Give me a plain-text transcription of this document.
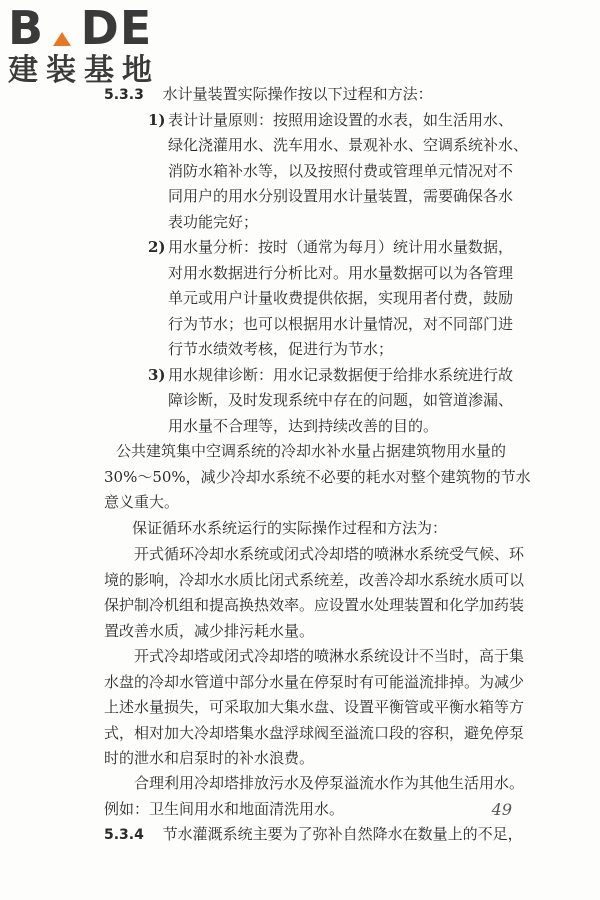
B DE
建装基地
5.3.3 水计量装置实际操作按以下过程和方法：
1) 表计计量原则：按照用途设置的水表，如生活用水、
绿化浇灌用水、洗车用水、景观补水、空调系统补水、
消防水箱补水等，以及按照付费或管理单元情况对不
同用户的用水分别设置用水计量装置，需要确保各水
表功能完好；
2) 用水量分析：按时（通常为每月）统计用水量数据，
对用水数据进行分析比对。用水量数据可以为各管理
单元或用户计量收费提供依据，实现用者付费，鼓励
行为节水；也可以根据用水计量情况，对不同部门进
行节水绩效考核，促进行为节水；
3) 用水规律诊断：用水记录数据便于给排水系统进行故
障诊断，及时发现系统中存在的问题，如管道渗漏、
用水量不合理等，达到持续改善的目的。
公共建筑集中空调系统的冷却水补水量占据建筑物用水量的
30%～50%，减少冷却水系统不必要的耗水对整个建筑物的节水
意义重大。
保证循环水系统运行的实际操作过程和方法为：
开式循环冷却水系统或闭式冷却塔的喷淋水系统受气候、环
境的影响，冷却水水质比闭式系统差，改善冷却水系统水质可以
保护制冷机组和提高换热效率。应设置水处理装置和化学加药装
置改善水质，减少排污耗水量。
开式冷却塔或闭式冷却塔的喷淋水系统设计不当时，高于集
水盘的冷却水管道中部分水量在停泵时有可能溢流排掉。为减少
上述水量损失，可采取加大集水盘、设置平衡管或平衡水箱等方
式，相对加大冷却塔集水盘浮球阀至溢流口段的容积，避免停泵
时的泄水和启泵时的补水浪费。
合理利用冷却塔排放污水及停泵溢流水作为其他生活用水。
例如：卫生间用水和地面清洗用水。
5.3.4 节水灌溉系统主要为了弥补自然降水在数量上的不足，
49
